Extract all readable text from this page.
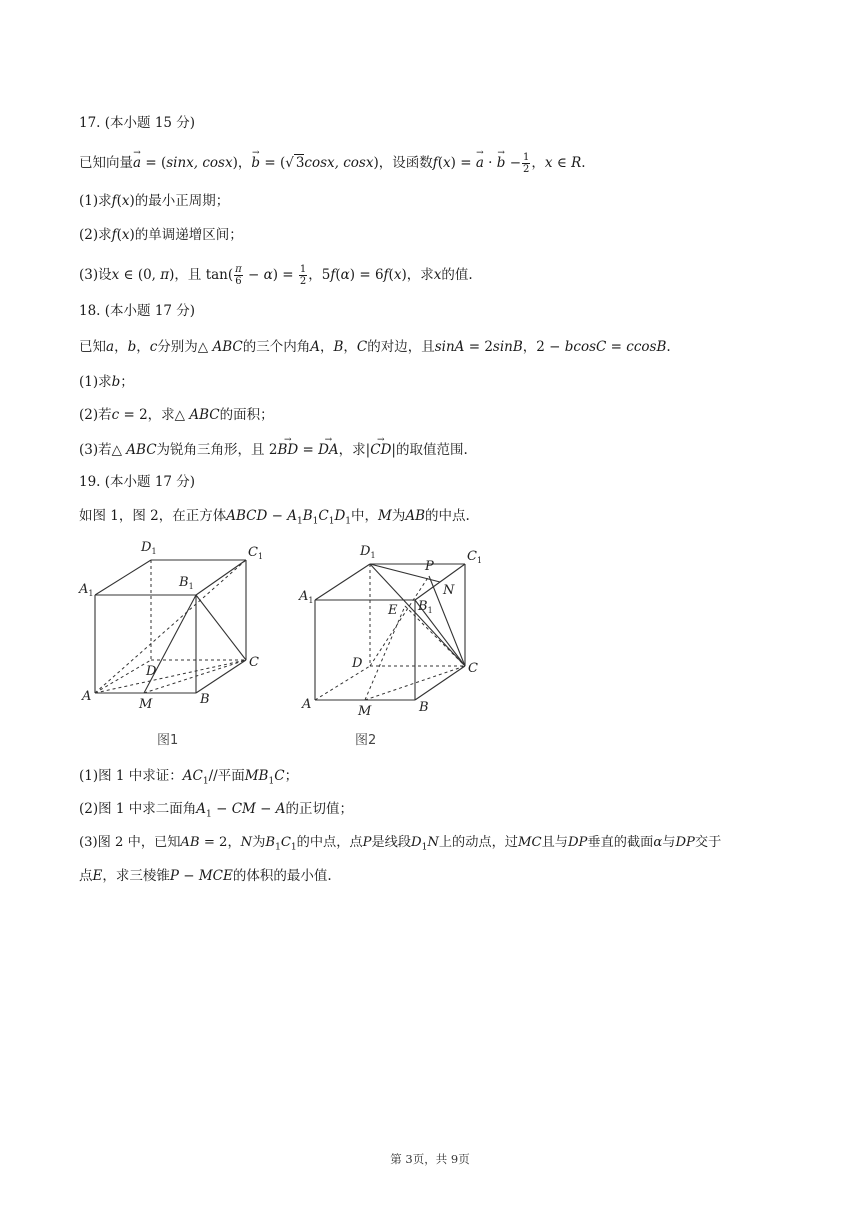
17. (本小题 15 分)
已知向量→ a = (sinx, cosx)，→ b = (√ 3cosx, cosx)，设函数f(x) = → a · → $b - \frac{1}{2}$ ，x ∈ R.
(1)求f(x)的最小正周期；
(2)求f(x)的单调递增区间；
(3)设x ∈ (0, π)，且 $\tan( \frac{\pi}{6} - \alpha) = \frac{1}{2}$ ，5f(α) = 6f(x)，求x的值.
18. (本小题 17 分)
已知a，b，c分别为△ ABC的三个内角A，B，C的对边，且sinA = 2sinB，2 − bcosC = ccosB.
(1)求b；
(2)若c = 2，求△ ABC的面积；
(3)若△ ABC为锐角三角形，且 2→ BD = → DA，求|→ CD|的取值范围.
19. (本小题 17 分)
如图 1，图 2，在正方体ABCD − $A_1B_1C_1D_1$中，M为AB的中点.
$D_1$	$C_1$
$A_1$
$B_1$
D
C
A
M	B
图1
$D_1$	$C_1$
P
N
$A_1$
E $B_1$
D	C
A	M	B
图2
(1)图 1 中求证：$AC_1//$平面$MB_1C$；
(2)图 1 中求二面角$A_1$ − CM − A的正切值；
(3)图 2 中，已知AB = 2，N为$B_1C_1$的中点，点P是线段$D_1N$上的动点，过MC且与DP垂直的截面α与DP交于
点E，求三棱锥P − MCE的体积的最小值.
第 3页，共 9页
